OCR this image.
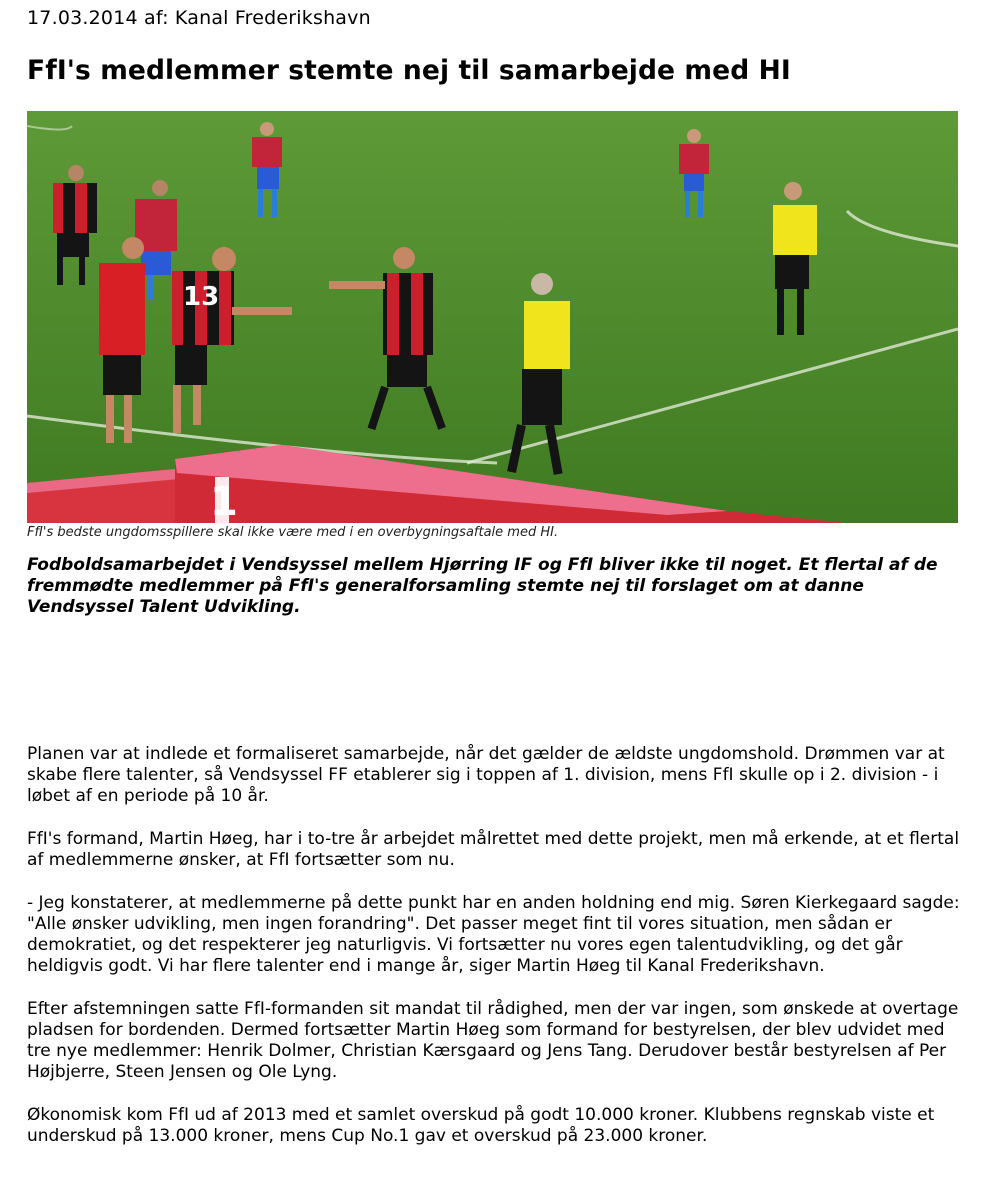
17.03.2014 af: Kanal Frederikshavn
FfI's medlemmer stemte nej til samarbejde med HI
13
1
FfI's bedste ungdomsspillere skal ikke være med i en overbygningsaftale med HI.

Fodboldsamarbejdet i Vendsyssel mellem Hjørring IF og FfI bliver ikke til noget. Et flertal af de fremmødte medlemmer på FfI's generalforsamling stemte nej til forslaget om at danne Vendsyssel Talent Udvikling.

Planen var at indlede et formaliseret samarbejde, når det gælder de ældste ungdomshold. Drømmen var at skabe flere talenter, så Vendsyssel FF etablerer sig i toppen af 1. division, mens FfI skulle op i 2. division - i løbet af en periode på 10 år.

FfI's formand, Martin Høeg, har i to-tre år arbejdet målrettet med dette projekt, men må erkende, at et flertal af medlemmerne ønsker, at FfI fortsætter som nu.

- Jeg konstaterer, at medlemmerne på dette punkt har en anden holdning end mig. Søren Kierkegaard sagde: "Alle ønsker udvikling, men ingen forandring". Det passer meget fint til vores situation, men sådan er demokratiet, og det respekterer jeg naturligvis. Vi fortsætter nu vores egen talentudvikling, og det går heldigvis godt. Vi har flere talenter end i mange år, siger Martin Høeg til Kanal Frederikshavn.

Efter afstemningen satte FfI-formanden sit mandat til rådighed, men der var ingen, som ønskede at overtage pladsen for bordenden. Dermed fortsætter Martin Høeg som formand for bestyrelsen, der blev udvidet med tre nye medlemmer: Henrik Dolmer, Christian Kærsgaard og Jens Tang. Derudover består bestyrelsen af Per Højbjerre, Steen Jensen og Ole Lyng.

Økonomisk kom FfI ud af 2013 med et samlet overskud på godt 10.000 kroner. Klubbens regnskab viste et underskud på 13.000 kroner, mens Cup No.1 gav et overskud på 23.000 kroner.
